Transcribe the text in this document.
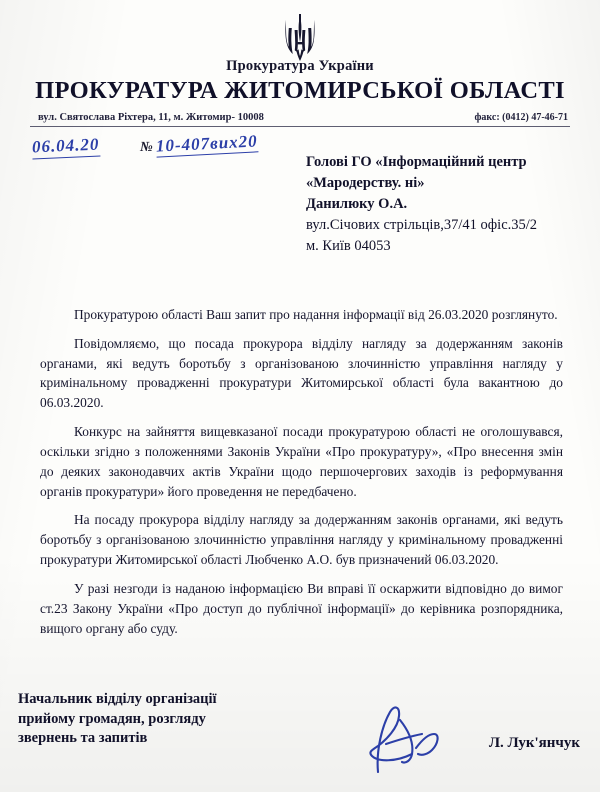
Прокуратура України
ПРОКУРАТУРА ЖИТОМИРСЬКОЇ ОБЛАСТІ
вул. Святослава Ріхтера, 11, м. Житомир- 10008	факс: (0412) 47-46-71
06.04.20	№ 10-407вих20
Голові ГО «Інформаційний центр
«Мародерству. ні»
Данилюку О.А.
вул.Січових стрільців,37/41 офіс.35/2
м. Київ 04053

Прокуратурою області Ваш запит про надання інформації від 26.03.2020 розглянуто.

Повідомляємо, що посада прокурора відділу нагляду за додержанням законів органами, які ведуть боротьбу з організованою злочинністю управління нагляду у кримінальному провадженні прокуратури Житомирської області була вакантною до 06.03.2020.

Конкурс на зайняття вищевказаної посади прокуратурою області не оголошувався, оскільки згідно з положеннями Законів України «Про прокуратуру», «Про внесення змін до деяких законодавчих актів України щодо першочергових заходів із реформування органів прокуратури» його проведення не передбачено.

На посаду прокурора відділу нагляду за додержанням законів органами, які ведуть боротьбу з організованою злочинністю управління нагляду у кримінальному провадженні прокуратури Житомирської області Любченко А.О. був призначений 06.03.2020.

У разі незгоди із наданою інформацією Ви вправі її оскаржити відповідно до вимог ст.23 Закону України «Про доступ до публічної інформації» до керівника розпорядника, вищого органу або суду.

Начальник відділу організації
прийому громадян, розгляду
звернень та запитів	Л. Лук'янчук
